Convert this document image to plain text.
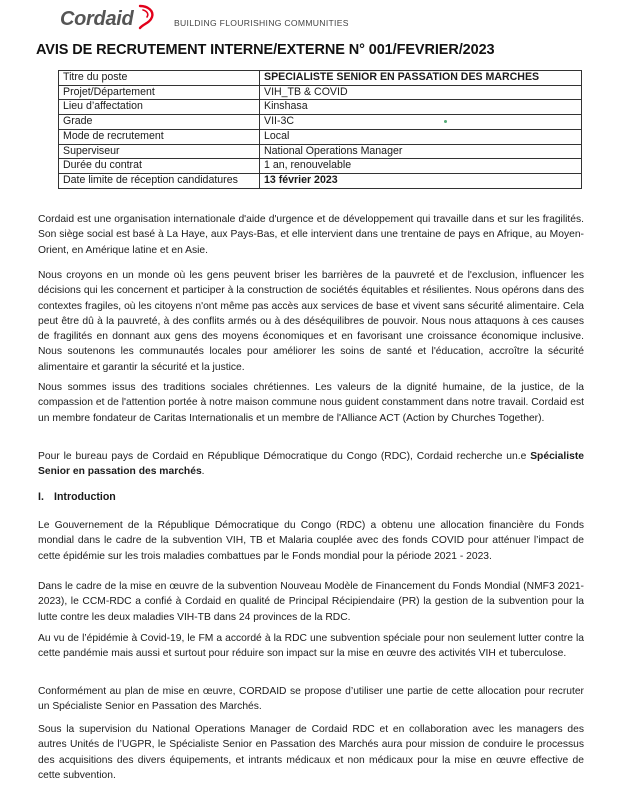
Cordaid	BUILDING FLOURISHING COMMUNITIES
AVIS DE RECRUTEMENT INTERNE/EXTERNE N° 001/FEVRIER/2023
Titre du poste	SPECIALISTE SENIOR EN PASSATION DES MARCHES
Projet/Département	VIH_TB & COVID
Lieu d’affectation	Kinshasa
Grade	VII-3C
Mode de recrutement	Local
Superviseur	National Operations Manager
Durée du contrat	1 an, renouvelable
Date limite de réception candidatures	13 février 2023

Cordaid est une organisation internationale d'aide d'urgence et de développement qui travaille dans et sur les fragilités. Son siège social est basé à La Haye, aux Pays-Bas, et elle intervient dans une trentaine de pays en Afrique, au Moyen-Orient, en Amérique latine et en Asie.

Nous croyons en un monde où les gens peuvent briser les barrières de la pauvreté et de l'exclusion, influencer les décisions qui les concernent et participer à la construction de sociétés équitables et résilientes. Nous opérons dans des contextes fragiles, où les citoyens n'ont même pas accès aux services de base et vivent sans sécurité alimentaire. Cela peut être dû à la pauvreté, à des conflits armés ou à des déséquilibres de pouvoir. Nous nous attaquons à ces causes de fragilités en donnant aux gens des moyens économiques et en favorisant une croissance économique inclusive. Nous soutenons les communautés locales pour améliorer les soins de santé et l'éducation, accroître la sécurité alimentaire et garantir la sécurité et la justice.

Nous sommes issus des traditions sociales chrétiennes. Les valeurs de la dignité humaine, de la justice, de la compassion et de l'attention portée à notre maison commune nous guident constamment dans notre travail. Cordaid est un membre fondateur de Caritas Internationalis et un membre de l'Alliance ACT (Action by Churches Together).

Pour le bureau pays de Cordaid en République Démocratique du Congo (RDC), Cordaid recherche un.e Spécialiste Senior en passation des marchés.

I. Introduction

Le Gouvernement de la République Démocratique du Congo (RDC) a obtenu une allocation financière du Fonds mondial dans le cadre de la subvention VIH, TB et Malaria couplée avec des fonds COVID pour atténuer l’impact de cette épidémie sur les trois maladies combattues par le Fonds mondial pour la période 2021 - 2023.

Dans le cadre de la mise en œuvre de la subvention Nouveau Modèle de Financement du Fonds Mondial (NMF3 2021-2023), le CCM-RDC a confié à Cordaid en qualité de Principal Récipiendaire (PR) la gestion de la subvention pour la lutte contre les deux maladies VIH-TB dans 24 provinces de la RDC.

Au vu de l’épidémie à Covid-19, le FM a accordé à la RDC une subvention spéciale pour non seulement lutter contre la cette pandémie mais aussi et surtout pour réduire son impact sur la mise en œuvre des activités VIH et tuberculose.

Conformément au plan de mise en œuvre, CORDAID se propose d’utiliser une partie de cette allocation pour recruter un Spécialiste Senior en Passation des Marchés.

Sous la supervision du National Operations Manager de Cordaid RDC et en collaboration avec les managers des autres Unités de l’UGPR, le Spécialiste Senior en Passation des Marchés aura pour mission de conduire le processus des acquisitions des divers équipements, et intrants médicaux et non médicaux pour la mise en œuvre effective de cette subvention.
